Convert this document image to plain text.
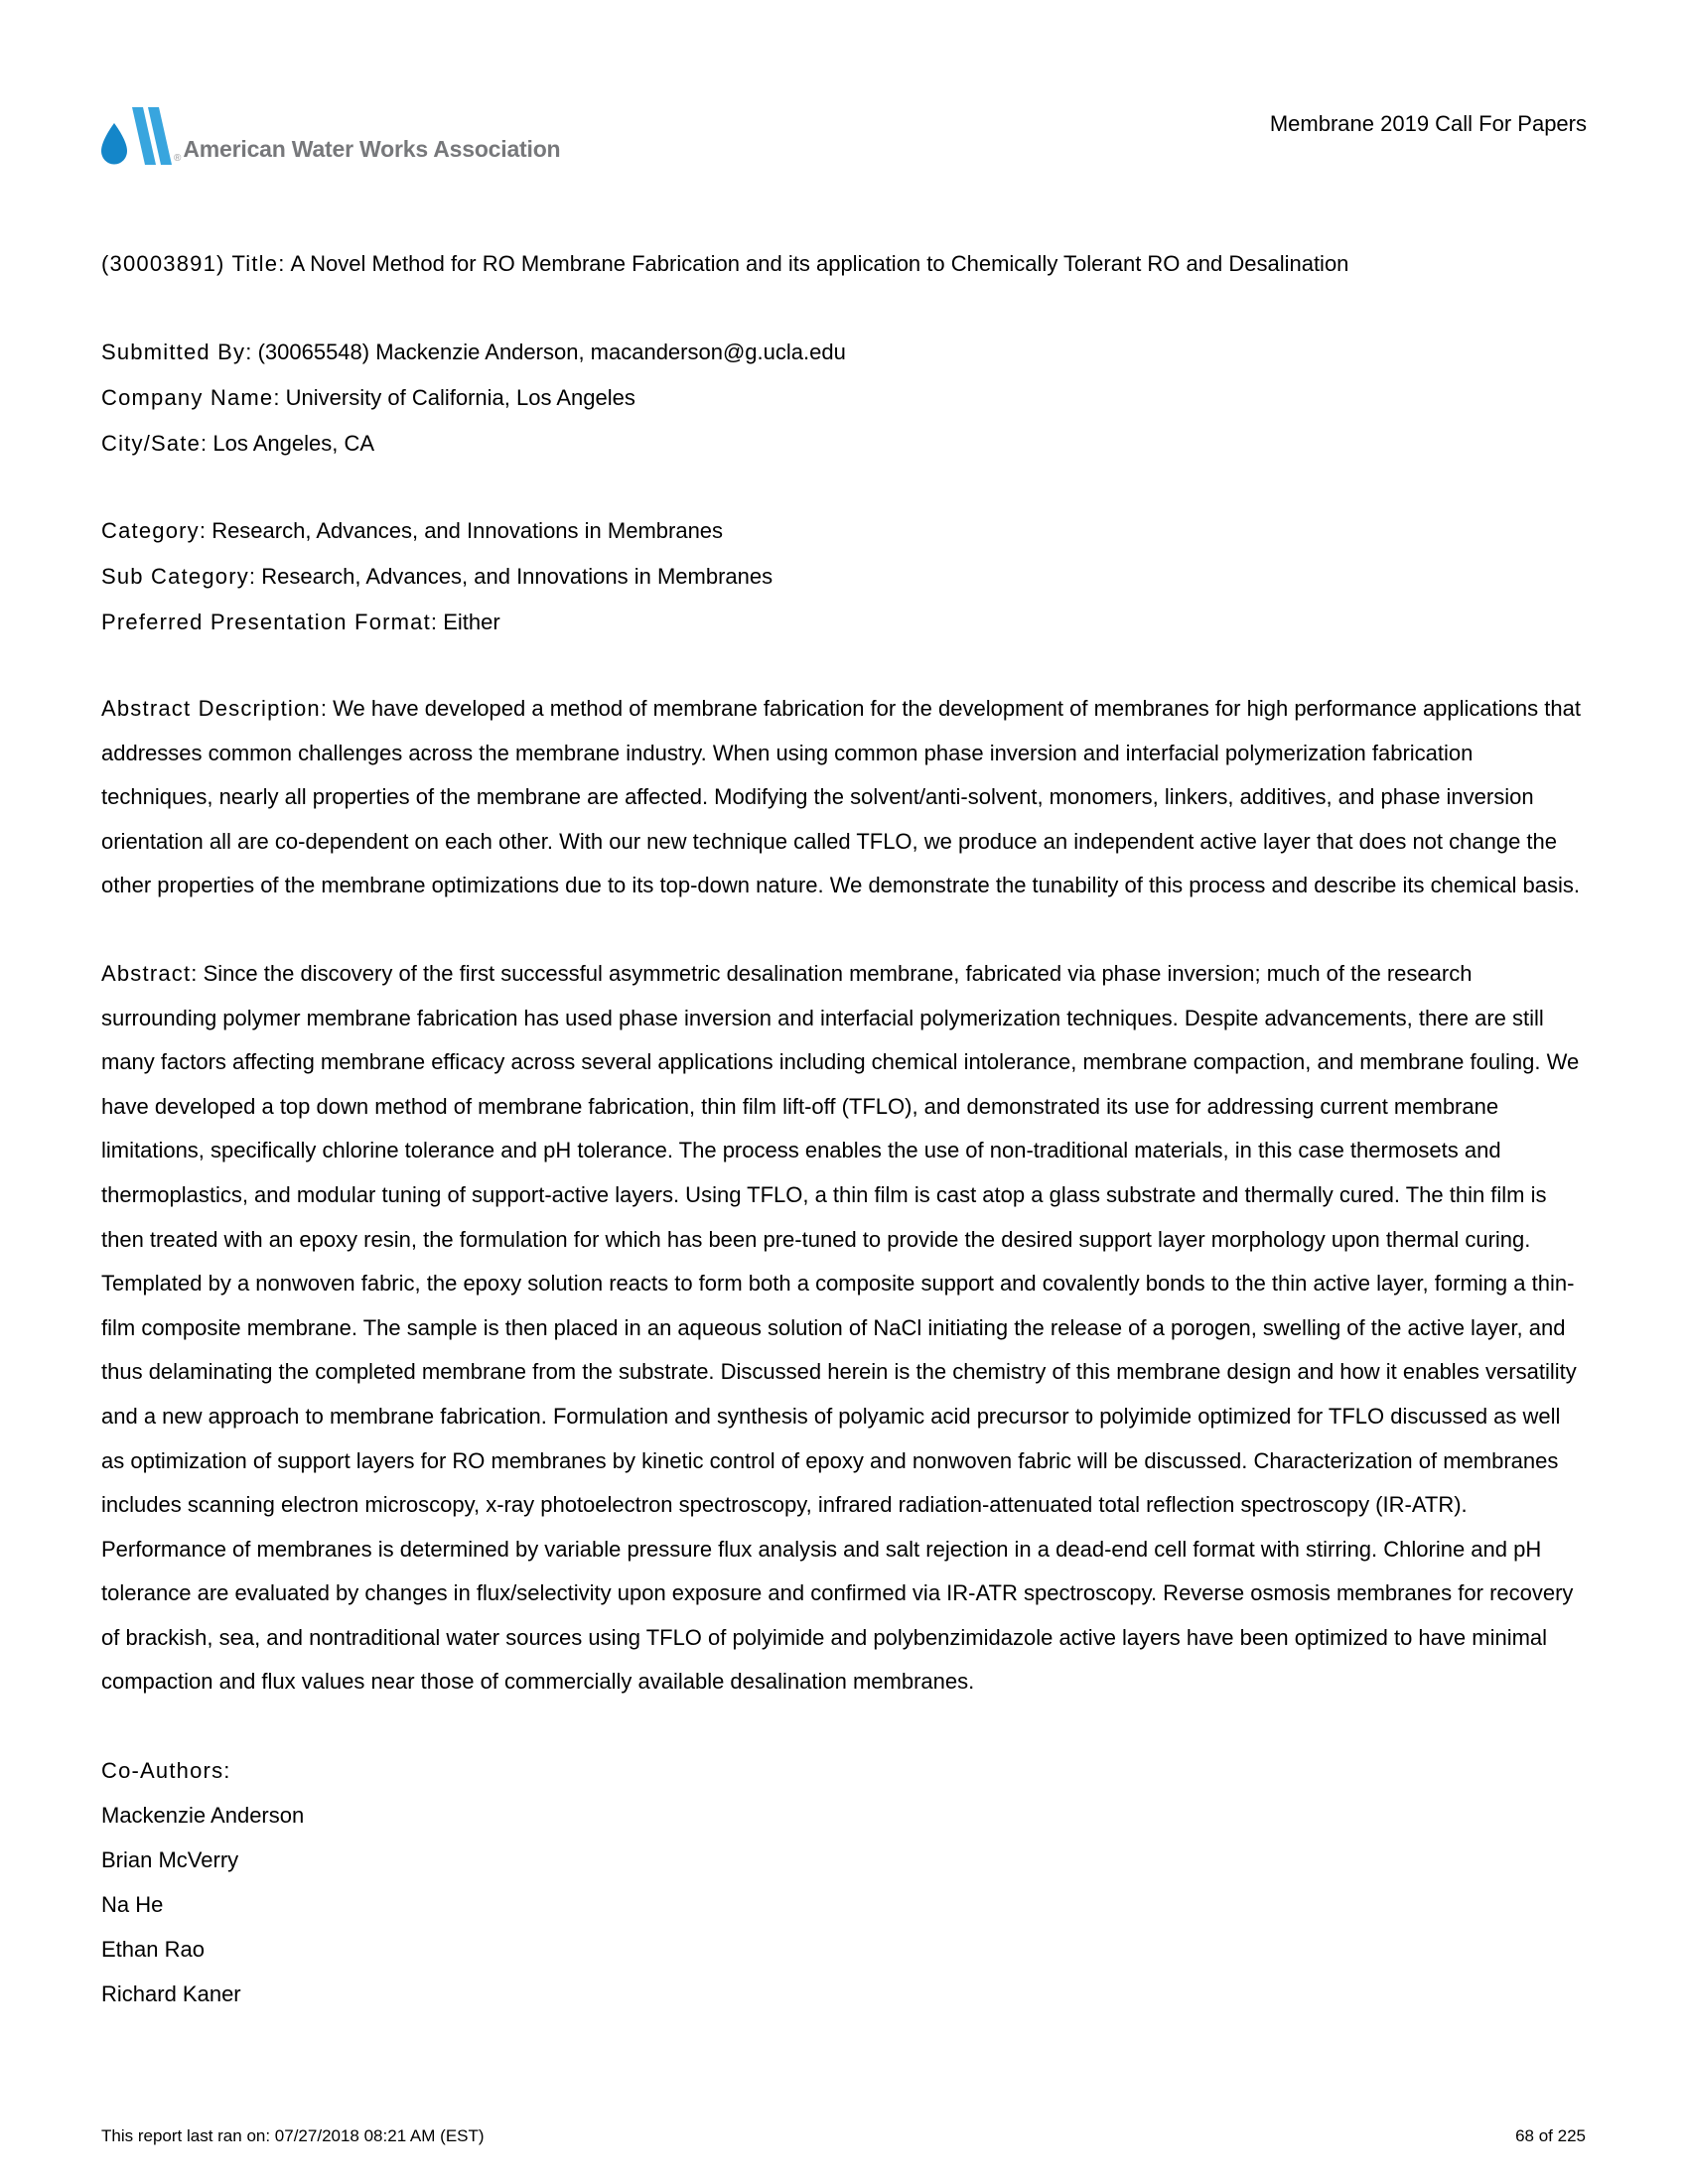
® American Water Works Association
Membrane 2019 Call For Papers

(30003891) Title: A Novel Method for RO Membrane Fabrication and its application to Chemically Tolerant RO and Desalination

Submitted By: (30065548) Mackenzie Anderson, macanderson@g.ucla.edu

Company Name: University of California, Los Angeles

City/Sate: Los Angeles, CA

Category: Research, Advances, and Innovations in Membranes

Sub Category: Research, Advances, and Innovations in Membranes

Preferred Presentation Format: Either

Abstract Description: We have developed a method of membrane fabrication for the development of membranes for high performance applications that addresses common challenges across the membrane industry. When using common phase inversion and interfacial polymerization fabrication techniques, nearly all properties of the membrane are affected. Modifying the solvent/anti-solvent, monomers, linkers, additives, and phase inversion orientation all are co-dependent on each other. With our new technique called TFLO, we produce an independent active layer that does not change the other properties of the membrane optimizations due to its top-down nature. We demonstrate the tunability of this process and describe its chemical basis.

Abstract: Since the discovery of the first successful asymmetric desalination membrane, fabricated via phase inversion; much of the research surrounding polymer membrane fabrication has used phase inversion and interfacial polymerization techniques. Despite advancements, there are still many factors affecting membrane efficacy across several applications including chemical intolerance, membrane compaction, and membrane fouling. We have developed a top down method of membrane fabrication, thin film lift-off (TFLO), and demonstrated its use for addressing current membrane limitations, specifically chlorine tolerance and pH tolerance. The process enables the use of non-traditional materials, in this case thermosets and thermoplastics, and modular tuning of support-active layers. Using TFLO, a thin film is cast atop a glass substrate and thermally cured. The thin film is then treated with an epoxy resin, the formulation for which has been pre-tuned to provide the desired support layer morphology upon thermal curing. Templated by a nonwoven fabric, the epoxy solution reacts to form both a composite support and covalently bonds to the thin active layer, forming a thin-film composite membrane. The sample is then placed in an aqueous solution of NaCl initiating the release of a porogen, swelling of the active layer, and thus delaminating the completed membrane from the substrate. Discussed herein is the chemistry of this membrane design and how it enables versatility and a new approach to membrane fabrication. Formulation and synthesis of polyamic acid precursor to polyimide optimized for TFLO discussed as well as optimization of support layers for RO membranes by kinetic control of epoxy and nonwoven fabric will be discussed. Characterization of membranes includes scanning electron microscopy, x-ray photoelectron spectroscopy, infrared radiation-attenuated total reflection spectroscopy (IR-ATR). Performance of membranes is determined by variable pressure flux analysis and salt rejection in a dead-end cell format with stirring. Chlorine and pH tolerance are evaluated by changes in flux/selectivity upon exposure and confirmed via IR-ATR spectroscopy. Reverse osmosis membranes for recovery of brackish, sea, and nontraditional water sources using TFLO of polyimide and polybenzimidazole active layers have been optimized to have minimal compaction and flux values near those of commercially available desalination membranes.

Co-Authors:

Mackenzie Anderson

Brian McVerry

Na He

Ethan Rao

Richard Kaner

This report last ran on: 07/27/2018 08:21 AM (EST)	68 of 225
